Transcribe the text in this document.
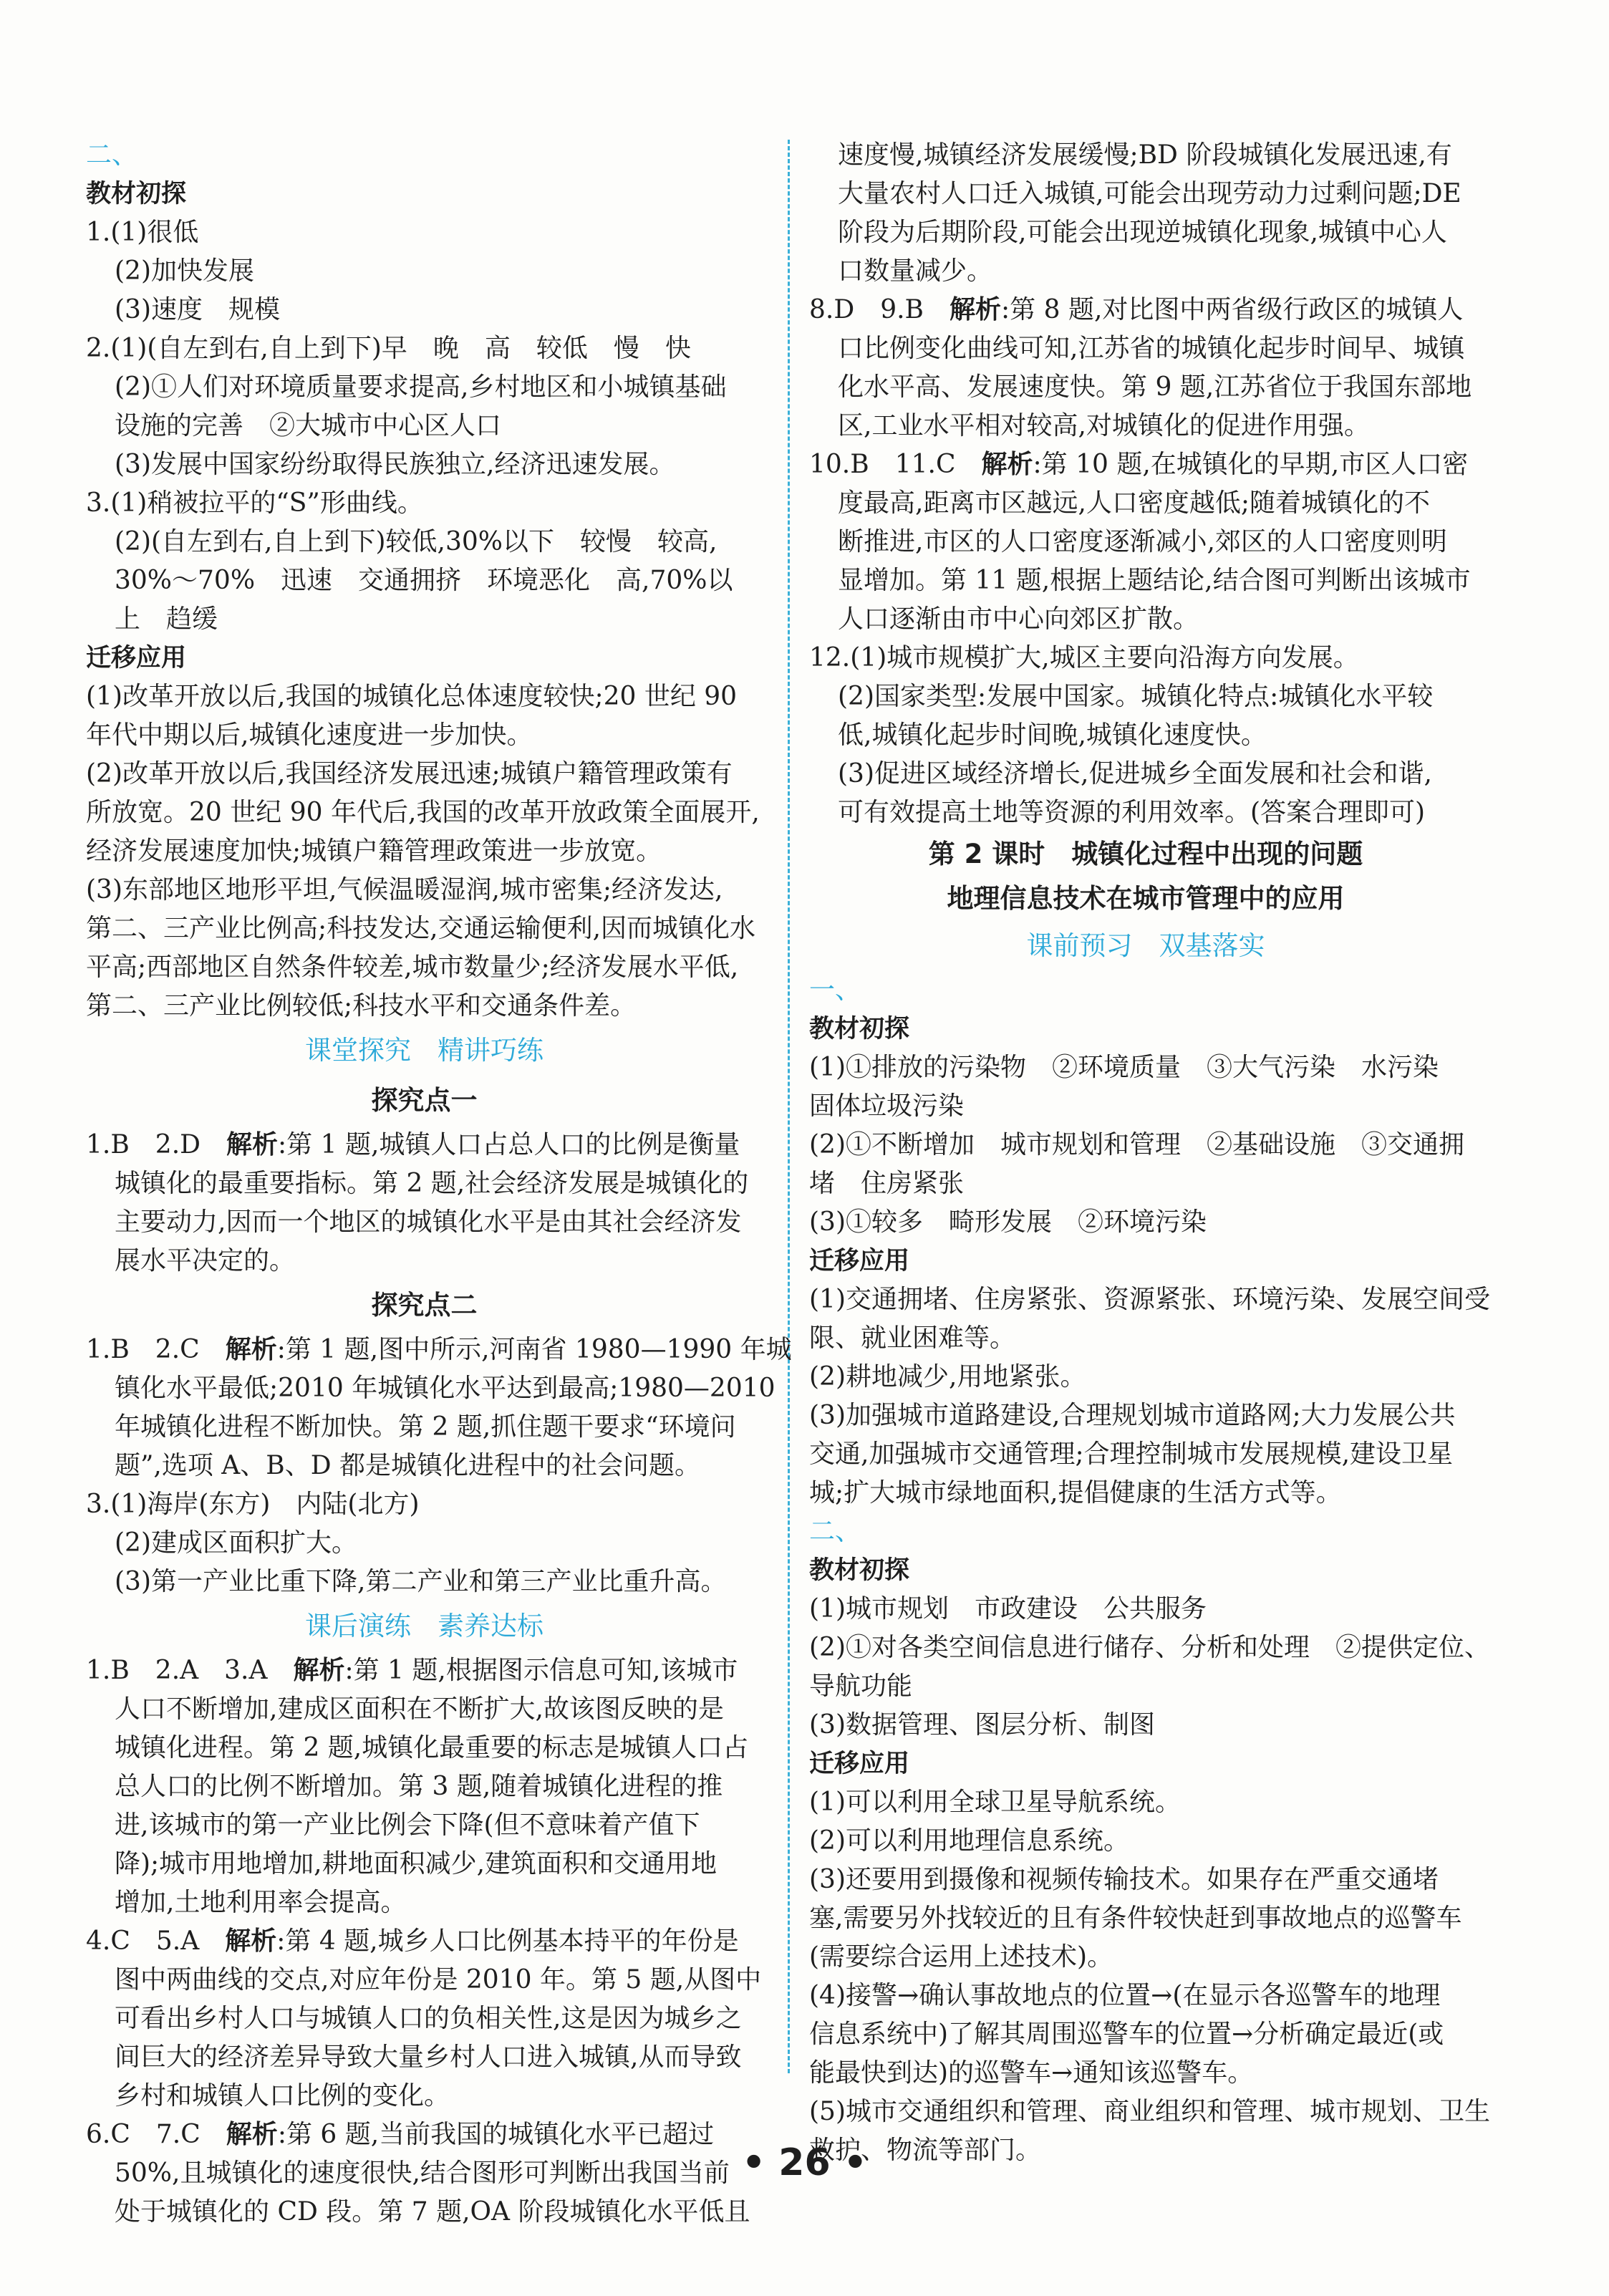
二、

教材初探

1.(1)很低

(2)加快发展

(3)速度　规模

2.(1)(自左到右,自上到下)早　晚　高　较低　慢　快

(2)①人们对环境质量要求提高,乡村地区和小城镇基础

设施的完善　②大城市中心区人口

(3)发展中国家纷纷取得民族独立,经济迅速发展。

3.(1)稍被拉平的“S”形曲线。

(2)(自左到右,自上到下)较低,30%以下　较慢　较高,

30%～70%　迅速　交通拥挤　环境恶化　高,70%以

上　趋缓

迁移应用

(1)改革开放以后,我国的城镇化总体速度较快;20 世纪 90

年代中期以后,城镇化速度进一步加快。

(2)改革开放以后,我国经济发展迅速;城镇户籍管理政策有

所放宽。20 世纪 90 年代后,我国的改革开放政策全面展开,

经济发展速度加快;城镇户籍管理政策进一步放宽。

(3)东部地区地形平坦,气候温暖湿润,城市密集;经济发达,

第二、三产业比例高;科技发达,交通运输便利,因而城镇化水

平高;西部地区自然条件较差,城市数量少;经济发展水平低,

第二、三产业比例较低;科技水平和交通条件差。

课堂探究　精讲巧练

探究点一

1.B　2.D　解析:第 1 题,城镇人口占总人口的比例是衡量

城镇化的最重要指标。第 2 题,社会经济发展是城镇化的

主要动力,因而一个地区的城镇化水平是由其社会经济发

展水平决定的。

探究点二

1.B　2.C　解析:第 1 题,图中所示,河南省 1980—1990 年城

镇化水平最低;2010 年城镇化水平达到最高;1980—2010

年城镇化进程不断加快。第 2 题,抓住题干要求“环境问

题”,选项 A、B、D 都是城镇化进程中的社会问题。

3.(1)海岸(东方)　内陆(北方)

(2)建成区面积扩大。

(3)第一产业比重下降,第二产业和第三产业比重升高。

课后演练　素养达标

1.B　2.A　3.A　解析:第 1 题,根据图示信息可知,该城市

人口不断增加,建成区面积在不断扩大,故该图反映的是

城镇化进程。第 2 题,城镇化最重要的标志是城镇人口占

总人口的比例不断增加。第 3 题,随着城镇化进程的推

进,该城市的第一产业比例会下降(但不意味着产值下

降);城市用地增加,耕地面积减少,建筑面积和交通用地

增加,土地利用率会提高。

4.C　5.A　解析:第 4 题,城乡人口比例基本持平的年份是

图中两曲线的交点,对应年份是 2010 年。第 5 题,从图中

可看出乡村人口与城镇人口的负相关性,这是因为城乡之

间巨大的经济差异导致大量乡村人口进入城镇,从而导致

乡村和城镇人口比例的变化。

6.C　7.C　解析:第 6 题,当前我国的城镇化水平已超过

50%,且城镇化的速度很快,结合图形可判断出我国当前

处于城镇化的 CD 段。第 7 题,OA 阶段城镇化水平低且

速度慢,城镇经济发展缓慢;BD 阶段城镇化发展迅速,有

大量农村人口迁入城镇,可能会出现劳动力过剩问题;DE

阶段为后期阶段,可能会出现逆城镇化现象,城镇中心人

口数量减少。

8.D　9.B　解析:第 8 题,对比图中两省级行政区的城镇人

口比例变化曲线可知,江苏省的城镇化起步时间早、城镇

化水平高、发展速度快。第 9 题,江苏省位于我国东部地

区,工业水平相对较高,对城镇化的促进作用强。

10.B　11.C　解析:第 10 题,在城镇化的早期,市区人口密

度最高,距离市区越远,人口密度越低;随着城镇化的不

断推进,市区的人口密度逐渐减小,郊区的人口密度则明

显增加。第 11 题,根据上题结论,结合图可判断出该城市

人口逐渐由市中心向郊区扩散。

12.(1)城市规模扩大,城区主要向沿海方向发展。

(2)国家类型:发展中国家。城镇化特点:城镇化水平较

低,城镇化起步时间晚,城镇化速度快。

(3)促进区域经济增长,促进城乡全面发展和社会和谐,

可有效提高土地等资源的利用效率。(答案合理即可)

第 2 课时　城镇化过程中出现的问题

地理信息技术在城市管理中的应用

课前预习　双基落实

一、

教材初探

(1)①排放的污染物　②环境质量　③大气污染　水污染

固体垃圾污染

(2)①不断增加　城市规划和管理　②基础设施　③交通拥

堵　住房紧张

(3)①较多　畸形发展　②环境污染

迁移应用

(1)交通拥堵、住房紧张、资源紧张、环境污染、发展空间受

限、就业困难等。

(2)耕地减少,用地紧张。

(3)加强城市道路建设,合理规划城市道路网;大力发展公共

交通,加强城市交通管理;合理控制城市发展规模,建设卫星

城;扩大城市绿地面积,提倡健康的生活方式等。

二、

教材初探

(1)城市规划　市政建设　公共服务

(2)①对各类空间信息进行储存、分析和处理　②提供定位、

导航功能

(3)数据管理、图层分析、制图

迁移应用

(1)可以利用全球卫星导航系统。

(2)可以利用地理信息系统。

(3)还要用到摄像和视频传输技术。如果存在严重交通堵

塞,需要另外找较近的且有条件较快赶到事故地点的巡警车

(需要综合运用上述技术)。

(4)接警→确认事故地点的位置→(在显示各巡警车的地理

信息系统中)了解其周围巡警车的位置→分析确定最近(或

能最快到达)的巡警车→通知该巡警车。

(5)城市交通组织和管理、商业组织和管理、城市规划、卫生

救护、物流等部门。

• 26 •
